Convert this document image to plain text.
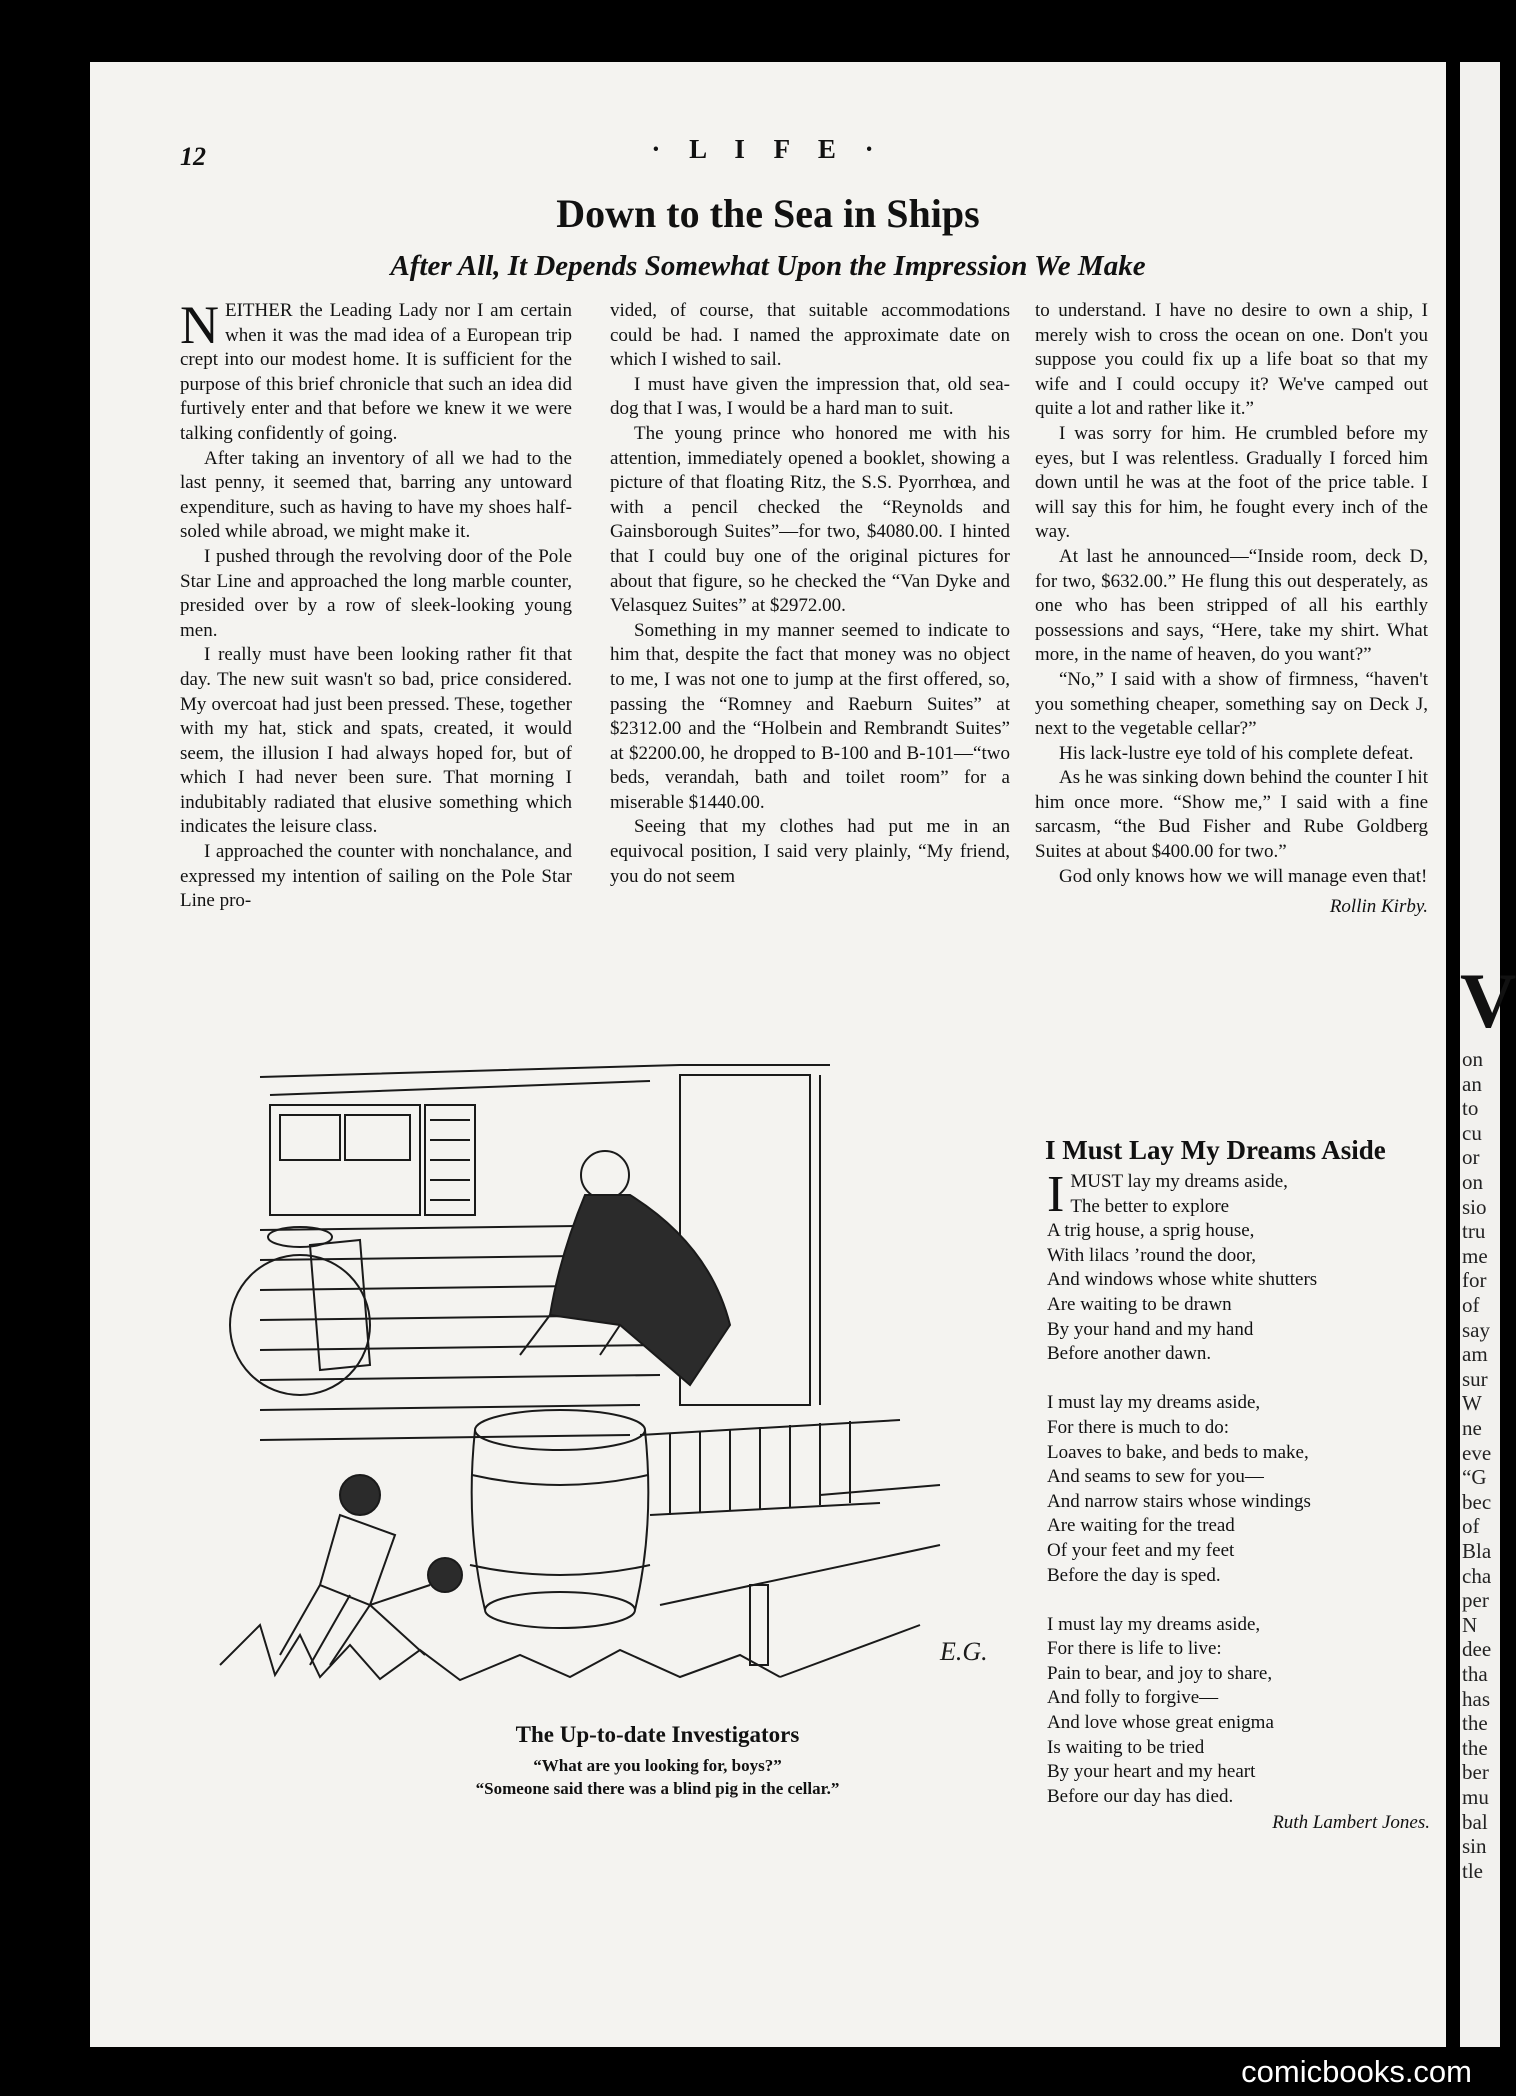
12	· L I F E ·
Down to the Sea in Ships
After All, It Depends Somewhat Upon the Impression We Make

NEITHER the Leading Lady nor I am certain when it was the mad idea of a European trip crept into our modest home. It is sufficient for the purpose of this brief chronicle that such an idea did furtively enter and that before we knew it we were talking confidently of going.

After taking an inventory of all we had to the last penny, it seemed that, barring any untoward expenditure, such as having to have my shoes half-soled while abroad, we might make it.

I pushed through the revolving door of the Pole Star Line and approached the long marble counter, presided over by a row of sleek-looking young men.

I really must have been looking rather fit that day. The new suit wasn't so bad, price considered. My overcoat had just been pressed. These, together with my hat, stick and spats, created, it would seem, the illusion I had always hoped for, but of which I had never been sure. That morning I indubitably radiated that elusive something which indicates the leisure class.

I approached the counter with nonchalance, and expressed my intention of sailing on the Pole Star Line pro-

vided, of course, that suitable accommodations could be had. I named the approximate date on which I wished to sail.

I must have given the impression that, old sea-dog that I was, I would be a hard man to suit.

The young prince who honored me with his attention, immediately opened a booklet, showing a picture of that floating Ritz, the S.S. Pyorrhœa, and with a pencil checked the “Reynolds and Gainsborough Suites”—for two, $4080.00. I hinted that I could buy one of the original pictures for about that figure, so he checked the “Van Dyke and Velasquez Suites” at $2972.00.

Something in my manner seemed to indicate to him that, despite the fact that money was no object to me, I was not one to jump at the first offered, so, passing the “Romney and Raeburn Suites” at $2312.00 and the “Holbein and Rembrandt Suites” at $2200.00, he dropped to B-100 and B-101—“two beds, verandah, bath and toilet room” for a miserable $1440.00.

Seeing that my clothes had put me in an equivocal position, I said very plainly, “My friend, you do not seem

to understand. I have no desire to own a ship, I merely wish to cross the ocean on one. Don't you suppose you could fix up a life boat so that my wife and I could occupy it? We've camped out quite a lot and rather like it.”

I was sorry for him. He crumbled before my eyes, but I was relentless. Gradually I forced him down until he was at the foot of the price table. I will say this for him, he fought every inch of the way.

At last he announced—“Inside room, deck D, for two, $632.00.” He flung this out desperately, as one who has been stripped of all his earthly possessions and says, “Here, take my shirt. What more, in the name of heaven, do you want?”

“No,” I said with a show of firmness, “haven't you something cheaper, something say on Deck J, next to the vegetable cellar?”

His lack-lustre eye told of his complete defeat.

As he was sinking down behind the counter I hit him once more. “Show me,” I said with a fine sarcasm, “the Bud Fisher and Rube Goldberg Suites at about $400.00 for two.”

God only knows how we will manage even that!

Rollin Kirby.

E.G.
The Up-to-date Investigators
“What are you looking for, boys?”
“Someone said there was a blind pig in the cellar.”
I Must Lay My Dreams Aside
I MUST lay my dreams aside,
The better to explore
A trig house, a sprig house,
With lilacs ’round the door,
And windows whose white shutters
Are waiting to be drawn
By your hand and my hand
Before another dawn.
I must lay my dreams aside,
For there is much to do:
Loaves to bake, and beds to make,
And seams to sew for you—
And narrow stairs whose windings
Are waiting for the tread
Of your feet and my feet
Before the day is sped.
I must lay my dreams aside,
For there is life to live:
Pain to bear, and joy to share,
And folly to forgive—
And love whose great enigma
Is waiting to be tried
By your heart and my heart
Before our day has died.
Ruth Lambert Jones.
V
on
an
to
cu
or
on
sio
tru
me
for
of
say
am
sur
W
ne
eve
“G
bec
of
Bla
cha
per
N
dee
tha
has
the
the
ber
mu
bal
sin
tle
comicbooks.com
